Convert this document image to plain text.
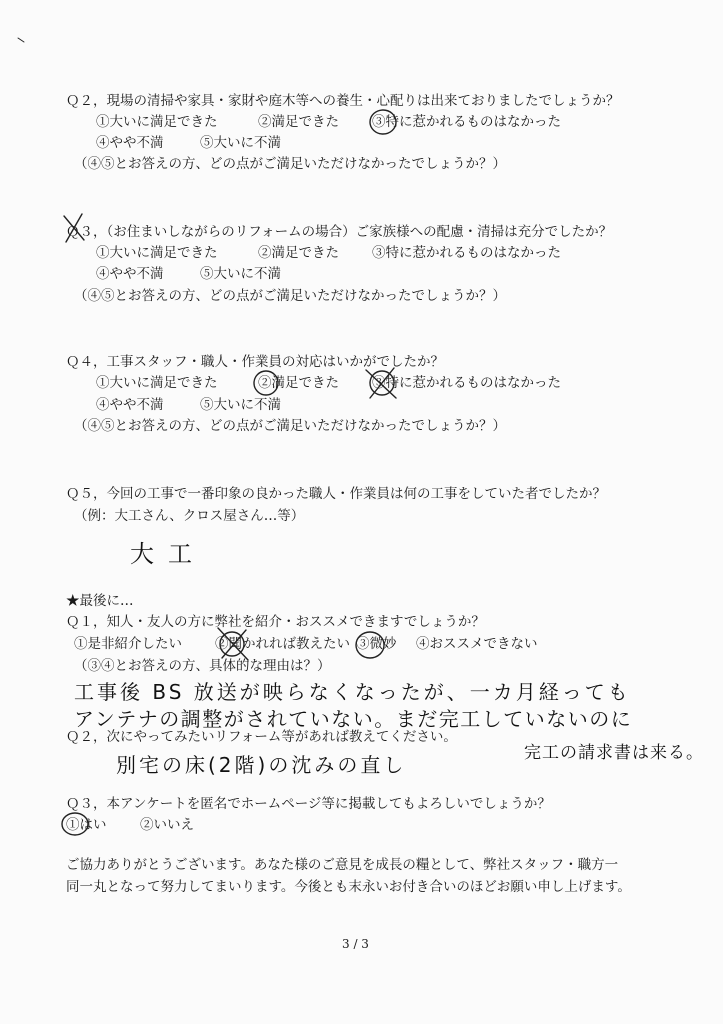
Ｑ２，現場の清掃や家具・家財や庭木等への養生・心配りは出来ておりましたでしょうか？
①大いに満足できた	②満足できた ③特に惹かれるものはなかった
④やや不満	⑤大いに不満
（④⑤とお答えの方、どの点がご満足いただけなかったでしょうか？）
Ｑ３，（お住まいしながらのリフォームの場合）ご家族様への配慮・清掃は充分でしたか？
①大いに満足できた	②満足できた ③特に惹かれるものはなかった
④やや不満	⑤大いに不満
（④⑤とお答えの方、どの点がご満足いただけなかったでしょうか？）
Ｑ４，工事スタッフ・職人・作業員の対応はいかがでしたか？
①大いに満足できた	②満足できた ③特に惹かれるものはなかった
④やや不満	⑤大いに不満
（④⑤とお答えの方、どの点がご満足いただけなかったでしょうか？）
Ｑ５，今回の工事で一番印象の良かった職人・作業員は何の工事をしていた者でしたか？
（例：大工さん、クロス屋さん…等）
大工
★最後に…
Ｑ１，知人・友人の方に弊社を紹介・おススメできますでしょうか？
①是非紹介したい ②聞かれれば教えたい ③微妙 ④おススメできない
（③④とお答えの方、具体的な理由は？）
工事後 BS 放送が映らなくなったが、一カ月経っても
アンテナの調整がされていない。まだ完工していないのに
完工の請求書は来る。
Ｑ２，次にやってみたいリフォーム等があれば教えてください。
別宅の床(2階)の沈みの直し
Ｑ３，本アンケートを匿名でホームページ等に掲載してもよろしいでしょうか？
①はい ②いいえ
ご協力ありがとうございます。あなた様のご意見を成長の糧として、弊社スタッフ・職方一
同一丸となって努力してまいります。今後とも末永いお付き合いのほどお願い申し上げます。
3 / 3
